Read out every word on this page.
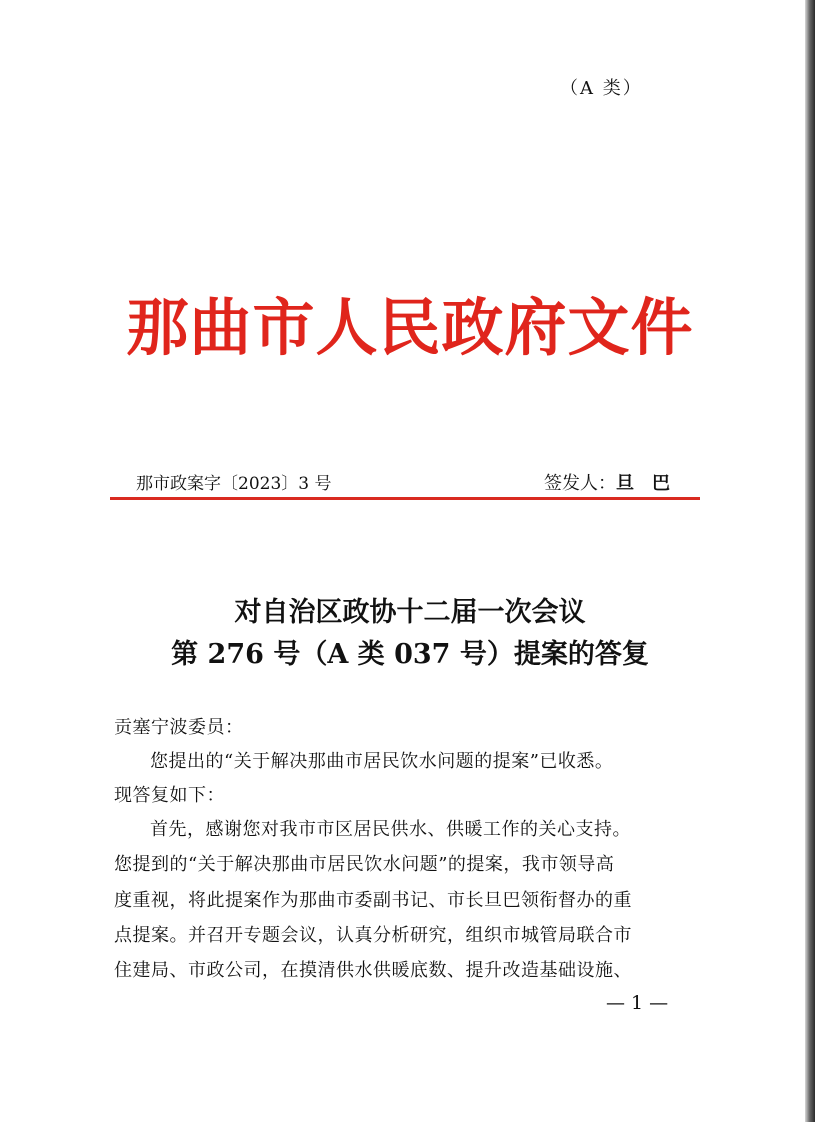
（A 类）
那曲市人民政府文件
那市政案字〔2023〕3 号	签发人：旦巴
对自治区政协十二届一次会议
第 276 号（A 类 037 号）提案的答复
贡塞宁波委员：
您提出的“关于解决那曲市居民饮水问题的提案”已收悉。
现答复如下：
首先，感谢您对我市市区居民供水、供暖工作的关心支持。
您提到的“关于解决那曲市居民饮水问题”的提案，我市领导高
度重视，将此提案作为那曲市委副书记、市长旦巴领衔督办的重
点提案。并召开专题会议，认真分析研究，组织市城管局联合市
住建局、市政公司，在摸清供水供暖底数、提升改造基础设施、
— 1 —
